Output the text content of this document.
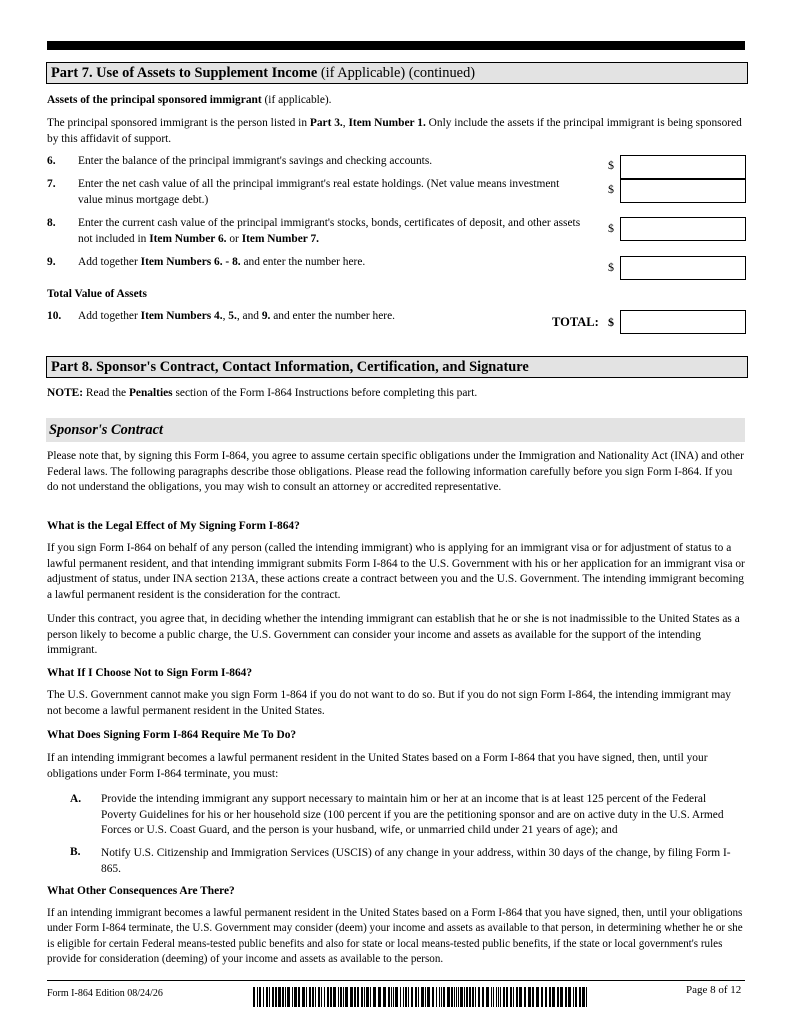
Part 7. Use of Assets to Supplement Income (if Applicable) (continued)
Assets of the principal sponsored immigrant (if applicable).
The principal sponsored immigrant is the person listed in Part 3., Item Number 1. Only include the assets if the principal immigrant is being sponsored by this affidavit of support.
6. Enter the balance of the principal immigrant's savings and checking accounts.	$
7. Enter the net cash value of all the principal immigrant's real estate holdings. (Net value means investment value minus mortgage debt.)
$
8. Enter the current cash value of the principal immigrant's stocks, bonds, certificates of deposit, and other assets not included in Item Number 6. or Item Number 7.
$
9. Add together Item Numbers 6. - 8. and enter the number here.	$
Total Value of Assets
10. Add together Item Numbers 4., 5., and 9. and enter the number here.	TOTAL: $
Part 8. Sponsor's Contract, Contact Information, Certification, and Signature
NOTE: Read the Penalties section of the Form I-864 Instructions before completing this part.
Sponsor's Contract
Please note that, by signing this Form I-864, you agree to assume certain specific obligations under the Immigration and Nationality Act (INA) and other Federal laws. The following paragraphs describe those obligations. Please read the following information carefully before you sign Form I-864. If you do not understand the obligations, you may wish to consult an attorney or accredited representative.
What is the Legal Effect of My Signing Form I-864?
If you sign Form I-864 on behalf of any person (called the intending immigrant) who is applying for an immigrant visa or for adjustment of status to a lawful permanent resident, and that intending immigrant submits Form I-864 to the U.S. Government with his or her application for an immigrant visa or adjustment of status, under INA section 213A, these actions create a contract between you and the U.S. Government. The intending immigrant becoming a lawful permanent resident is the consideration for the contract.
Under this contract, you agree that, in deciding whether the intending immigrant can establish that he or she is not inadmissible to the United States as a person likely to become a public charge, the U.S. Government can consider your income and assets as available for the support of the intending immigrant.
What If I Choose Not to Sign Form I-864?
The U.S. Government cannot make you sign Form 1-864 if you do not want to do so. But if you do not sign Form I-864, the intending immigrant may not become a lawful permanent resident in the United States.
What Does Signing Form I-864 Require Me To Do?
If an intending immigrant becomes a lawful permanent resident in the United States based on a Form I-864 that you have signed, then, until your obligations under Form I-864 terminate, you must:
A. Provide the intending immigrant any support necessary to maintain him or her at an income that is at least 125 percent of the Federal Poverty Guidelines for his or her household size (100 percent if you are the petitioning sponsor and are on active duty in the U.S. Armed Forces or U.S. Coast Guard, and the person is your husband, wife, or unmarried child under 21 years of age); and
B. Notify U.S. Citizenship and Immigration Services (USCIS) of any change in your address, within 30 days of the change, by filing Form I-865.
What Other Consequences Are There?
If an intending immigrant becomes a lawful permanent resident in the United States based on a Form I-864 that you have signed, then, until your obligations under Form I-864 terminate, the U.S. Government may consider (deem) your income and assets as available to that person, in determining whether he or she is eligible for certain Federal means-tested public benefits and also for state or local means-tested public benefits, if the state or local government's rules provide for consideration (deeming) of your income and assets as available to the person.
Form I-864 Edition 08/24/26	Page 8 of 12
